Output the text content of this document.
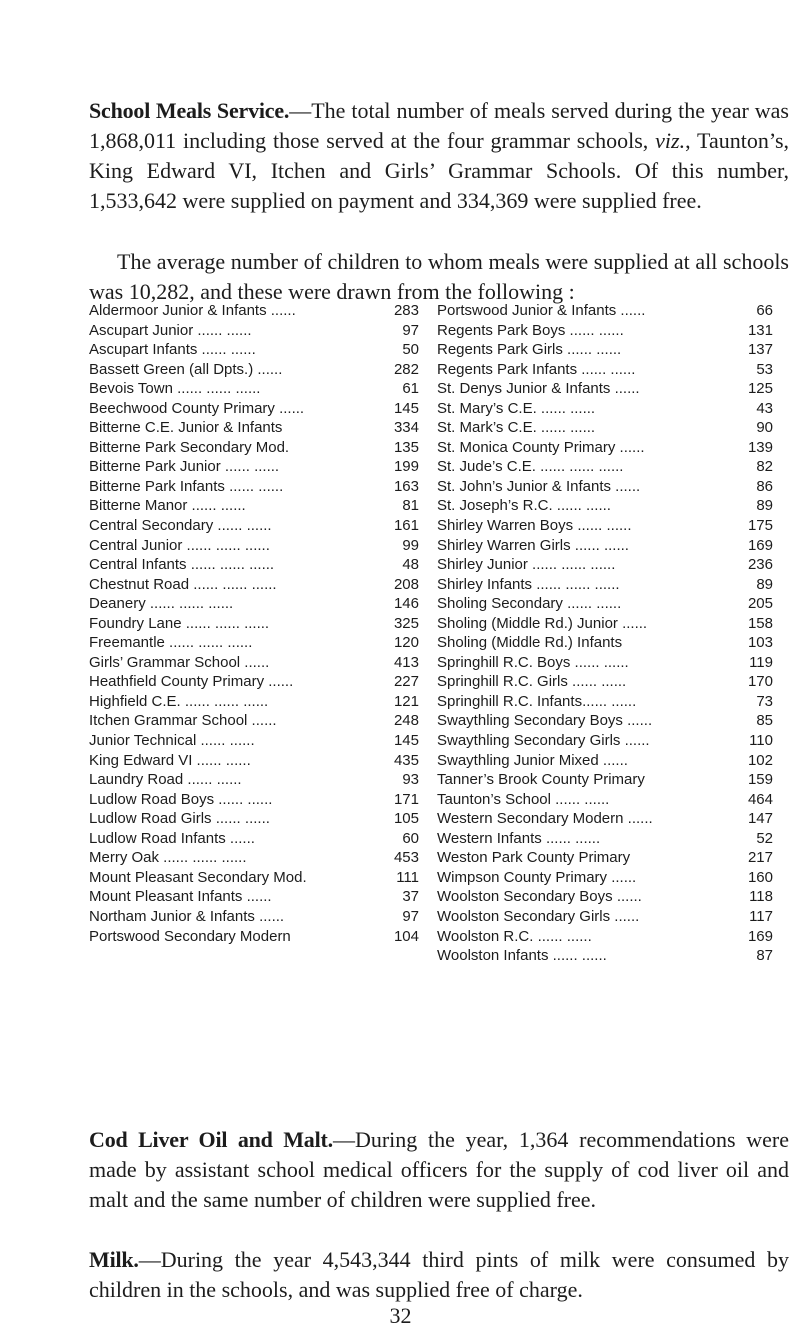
School Meals Service.—The total number of meals served during the year was 1,868,011 including those served at the four grammar schools, viz., Taunton’s, King Edward VI, Itchen and Girls’ Grammar Schools. Of this number, 1,533,642 were supplied on payment and 334,369 were supplied free.

The average number of children to whom meals were supplied at all schools was 10,282, and these were drawn from the following :

Aldermoor Junior & Infants ......	283
Ascupart Junior ...... ......	97
Ascupart Infants ...... ......	50
Bassett Green (all Dpts.) ......	282
Bevois Town ...... ...... ......	61
Beechwood County Primary ......	145
Bitterne C.E. Junior & Infants	334
Bitterne Park Secondary Mod.	135
Bitterne Park Junior ...... ......	199
Bitterne Park Infants ...... ......	163
Bitterne Manor ...... ......	81
Central Secondary ...... ......	161
Central Junior ...... ...... ......	99
Central Infants ...... ...... ......	48
Chestnut Road ...... ...... ......	208
Deanery ...... ...... ......	146
Foundry Lane ...... ...... ......	325
Freemantle ...... ...... ......	120
Girls’ Grammar School ......	413
Heathfield County Primary ......	227
Highfield C.E. ...... ...... ......	121
Itchen Grammar School ......	248
Junior Technical ...... ......	145
King Edward VI ...... ......	435
Laundry Road ...... ......	93
Ludlow Road Boys ...... ......	171
Ludlow Road Girls ...... ......	105
Ludlow Road Infants ......	60
Merry Oak ...... ...... ......	453
Mount Pleasant Secondary Mod.	111
Mount Pleasant Infants ......	37
Northam Junior & Infants ......	97
Portswood Secondary Modern	104
Portswood Junior & Infants ......	66
Regents Park Boys ...... ......	131
Regents Park Girls ...... ......	137
Regents Park Infants ...... ......	53
St. Denys Junior & Infants ......	125
St. Mary’s C.E. ...... ......	43
St. Mark’s C.E. ...... ......	90
St. Monica County Primary ......	139
St. Jude’s C.E. ...... ...... ......	82
St. John’s Junior & Infants ......	86
St. Joseph’s R.C. ...... ......	89
Shirley Warren Boys ...... ......	175
Shirley Warren Girls ...... ......	169
Shirley Junior ...... ...... ......	236
Shirley Infants ...... ...... ......	89
Sholing Secondary ...... ......	205
Sholing (Middle Rd.) Junior ......	158
Sholing (Middle Rd.) Infants	103
Springhill R.C. Boys ...... ......	119
Springhill R.C. Girls ...... ......	170
Springhill R.C. Infants...... ......	73
Swaythling Secondary Boys ......	85
Swaythling Secondary Girls ......	110
Swaythling Junior Mixed ......	102
Tanner’s Brook County Primary	159
Taunton’s School ...... ......	464
Western Secondary Modern ......	147
Western Infants ...... ......	52
Weston Park County Primary	217
Wimpson County Primary ......	160
Woolston Secondary Boys ......	118
Woolston Secondary Girls ......	117
Woolston R.C. ...... ......	169
Woolston Infants ...... ......	87

Cod Liver Oil and Malt.—During the year, 1,364 recommendations were made by assistant school medical officers for the supply of cod liver oil and malt and the same number of children were supplied free.

Milk.—During the year 4,543,344 third pints of milk were consumed by children in the schools, and was supplied free of charge.

32
